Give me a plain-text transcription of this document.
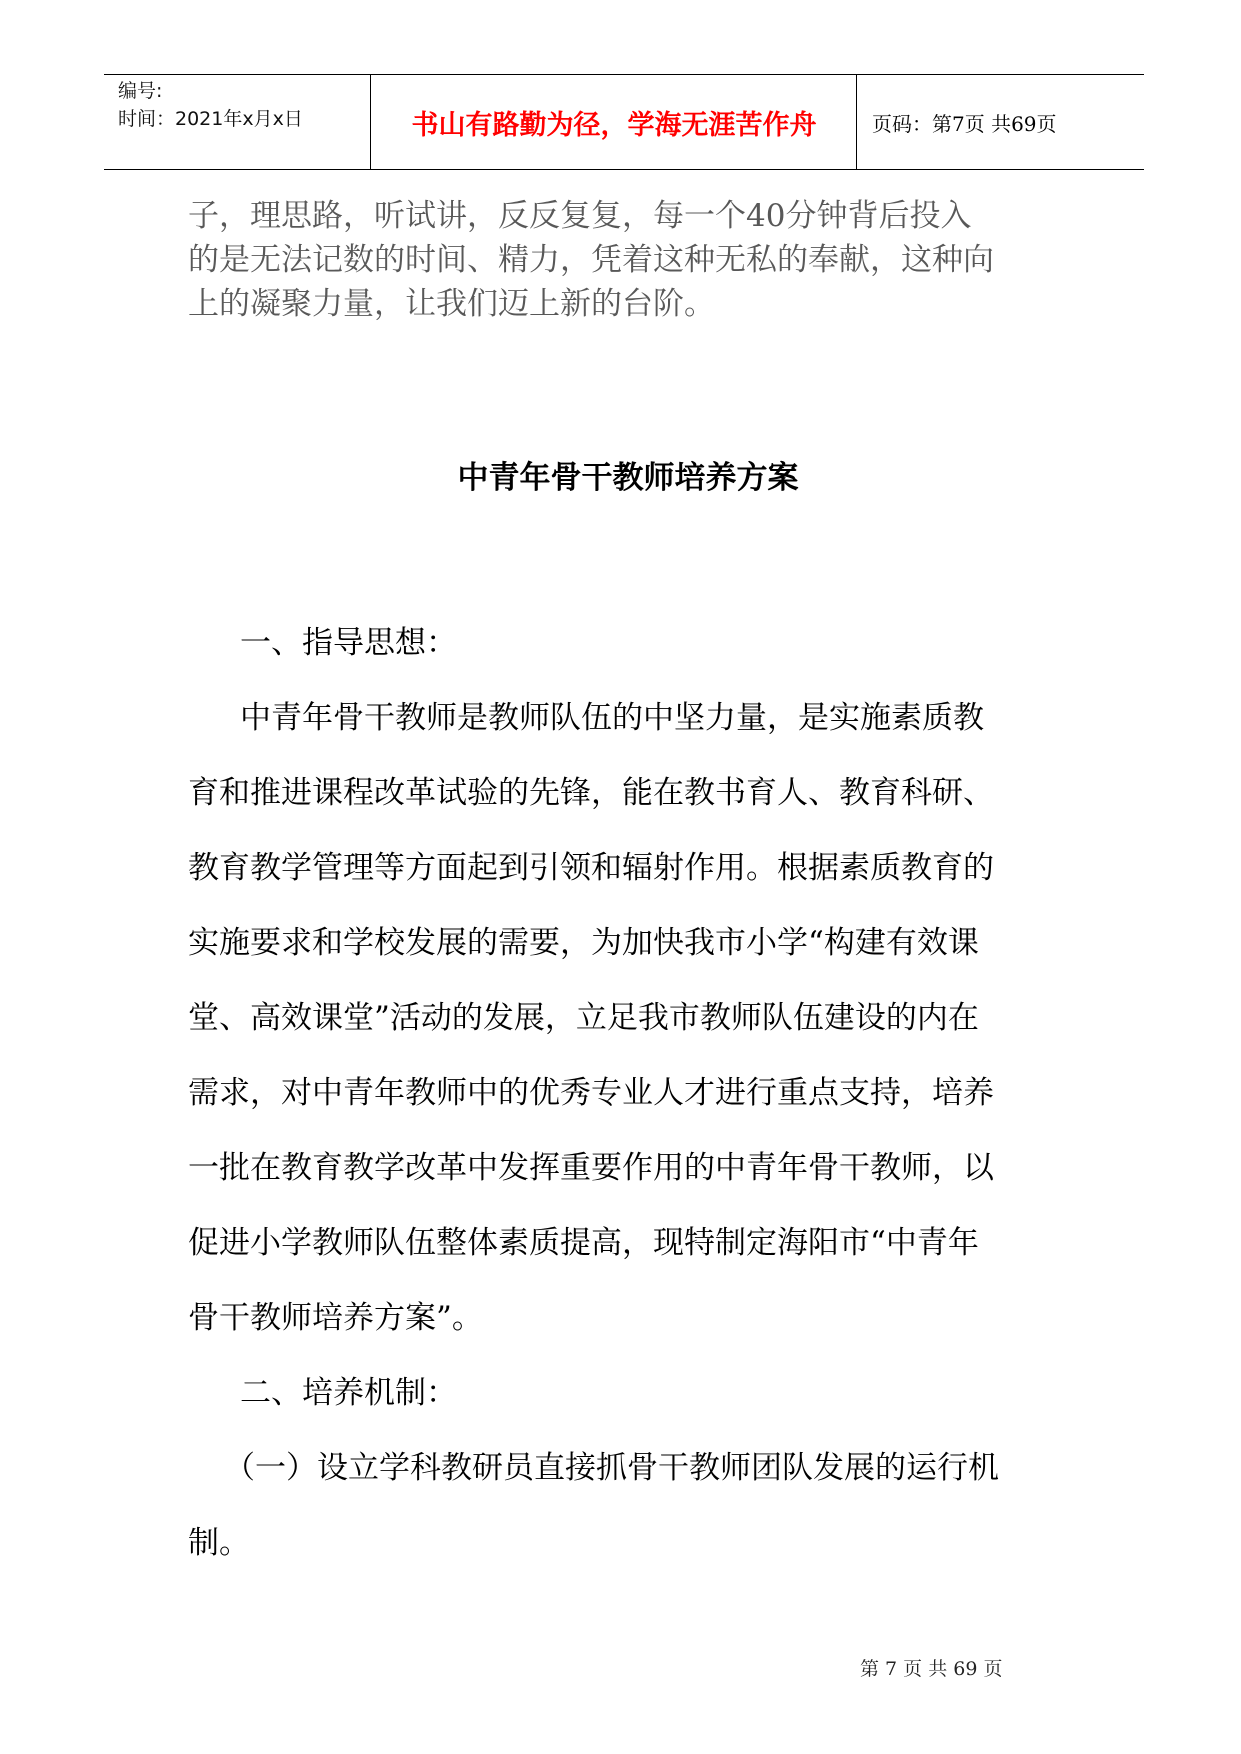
编号:
时间：2021年x月x日	书山有路勤为径，学海无涯苦作舟	页码：第7页 共69页

子，理思路，听试讲，反反复复，每一个40分钟背后投入

的是无法记数的时间、精力，凭着这种无私的奉献，这种向

上的凝聚力量，让我们迈上新的台阶。

中青年骨干教师培养方案

一、指导思想：

中青年骨干教师是教师队伍的中坚力量，是实施素质教

育和推进课程改革试验的先锋，能在教书育人、教育科研、

教育教学管理等方面起到引领和辐射作用。根据素质教育的

实施要求和学校发展的需要，为加快我市小学“构建有效课

堂、高效课堂”活动的发展，立足我市教师队伍建设的内在

需求，对中青年教师中的优秀专业人才进行重点支持，培养

一批在教育教学改革中发挥重要作用的中青年骨干教师，以

促进小学教师队伍整体素质提高，现特制定海阳市“中青年

骨干教师培养方案”。

二、培养机制：

（一）设立学科教研员直接抓骨干教师团队发展的运行机

制。

第 7 页 共 69 页
